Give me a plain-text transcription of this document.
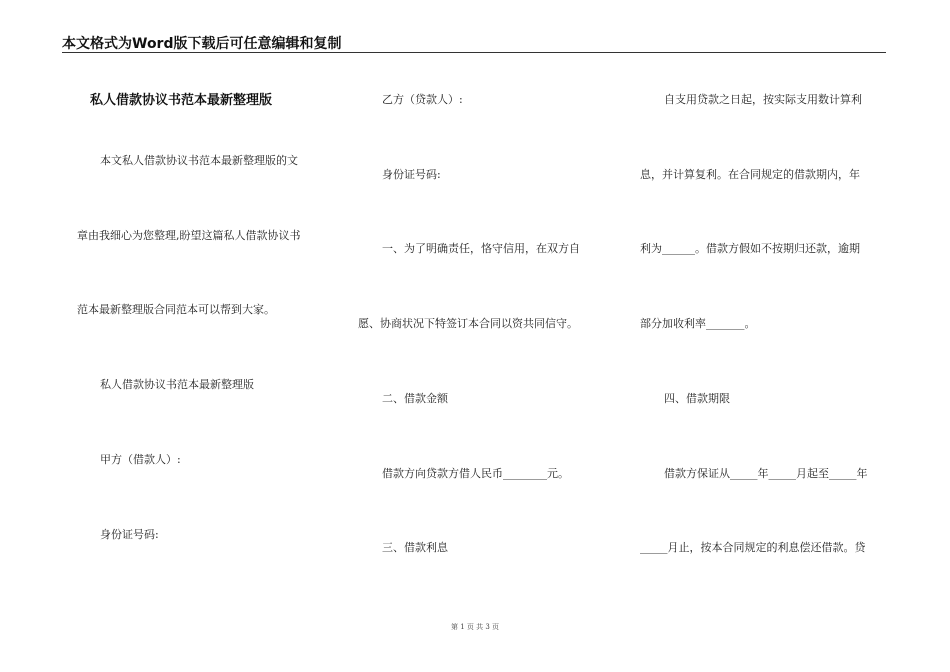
本文格式为Word版下载后可任意编辑和复制
私人借款协议书范本最新整理版
本文私人借款协议书范本最新整理版的文
章由我细心为您整理,盼望这篇私人借款协议书
范本最新整理版合同范本可以帮到大家。
私人借款协议书范本最新整理版
甲方（借款人）:
身份证号码:
乙方（贷款人）:
身份证号码:
一、为了明确责任，恪守信用，在双方自
愿、协商状况下特签订本合同以资共同信守。
二、借款金额
借款方向贷款方借人民币________元。
三、借款利息
自支用贷款之日起，按实际支用数计算利
息，并计算复利。在合同规定的借款期内，年
利为______。借款方假如不按期归还款，逾期
部分加收利率_______。
四、借款期限
借款方保证从_____年_____月起至_____年
_____月止，按本合同规定的利息偿还借款。贷
第 1 页 共 3 页
